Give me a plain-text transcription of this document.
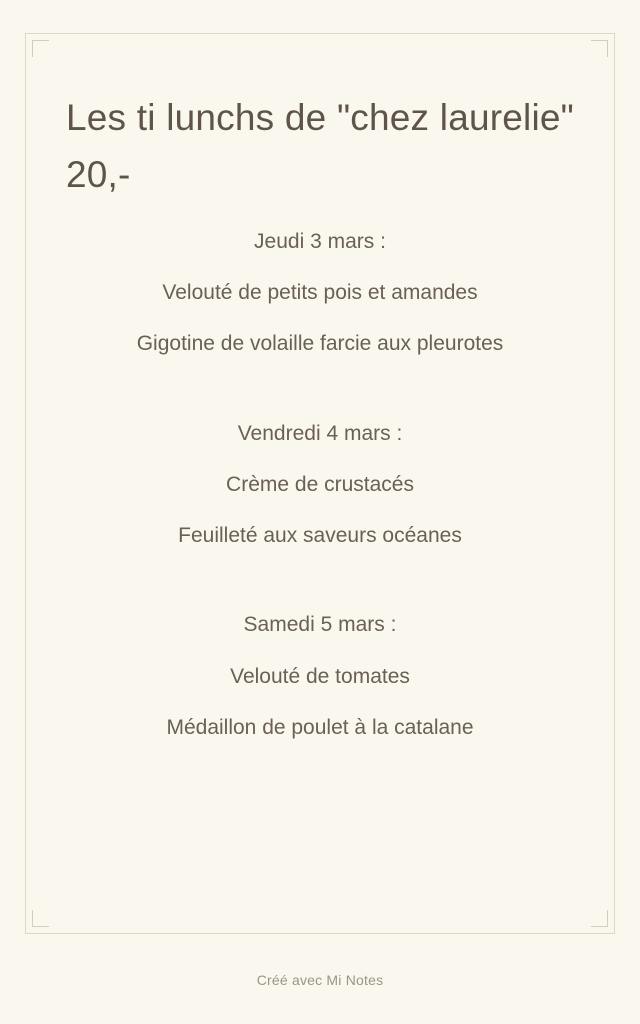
Les ti lunchs de "chez laurelie" 20,-
Jeudi 3 mars :
Velouté de petits pois et amandes
Gigotine de volaille farcie aux pleurotes
Vendredi 4 mars :
Crème de crustacés
Feuilleté aux saveurs océanes
Samedi 5 mars :
Velouté de tomates
Médaillon de poulet à la catalane
Créé avec Mi Notes
